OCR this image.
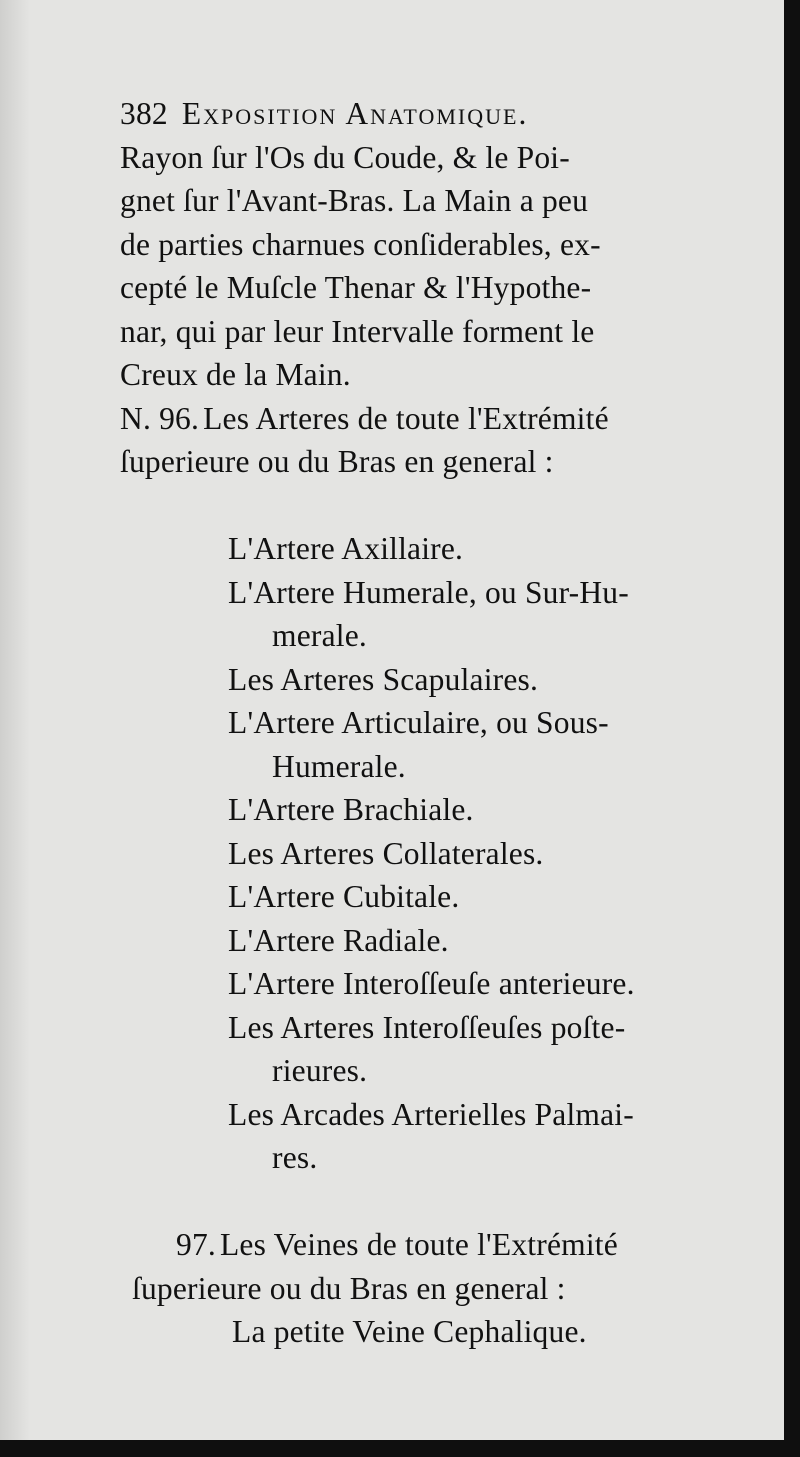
382 Exposition Anatomique.
Rayon ſur l'Os du Coude, & le Poi-
gnet ſur l'Avant-Bras. La Main a peu
de parties charnues conſiderables, ex-
cepté le Muſcle Thenar & l'Hypothe-
nar, qui par leur Intervalle forment le
Creux de la Main.
N. 96. Les Arteres de toute l'Extrémité
ſuperieure ou du Bras en general :
L'Artere Axillaire.
L'Artere Humerale, ou Sur-Hu-
merale.
Les Arteres Scapulaires.
L'Artere Articulaire, ou Sous-
Humerale.
L'Artere Brachiale.
Les Arteres Collaterales.
L'Artere Cubitale.
L'Artere Radiale.
L'Artere Interoſſeuſe anterieure.
Les Arteres Interoſſeuſes poſte-
rieures.
Les Arcades Arterielles Palmai-
res.
97. Les Veines de toute l'Extrémité
ſuperieure ou du Bras en general :
La petite Veine Cephalique.
